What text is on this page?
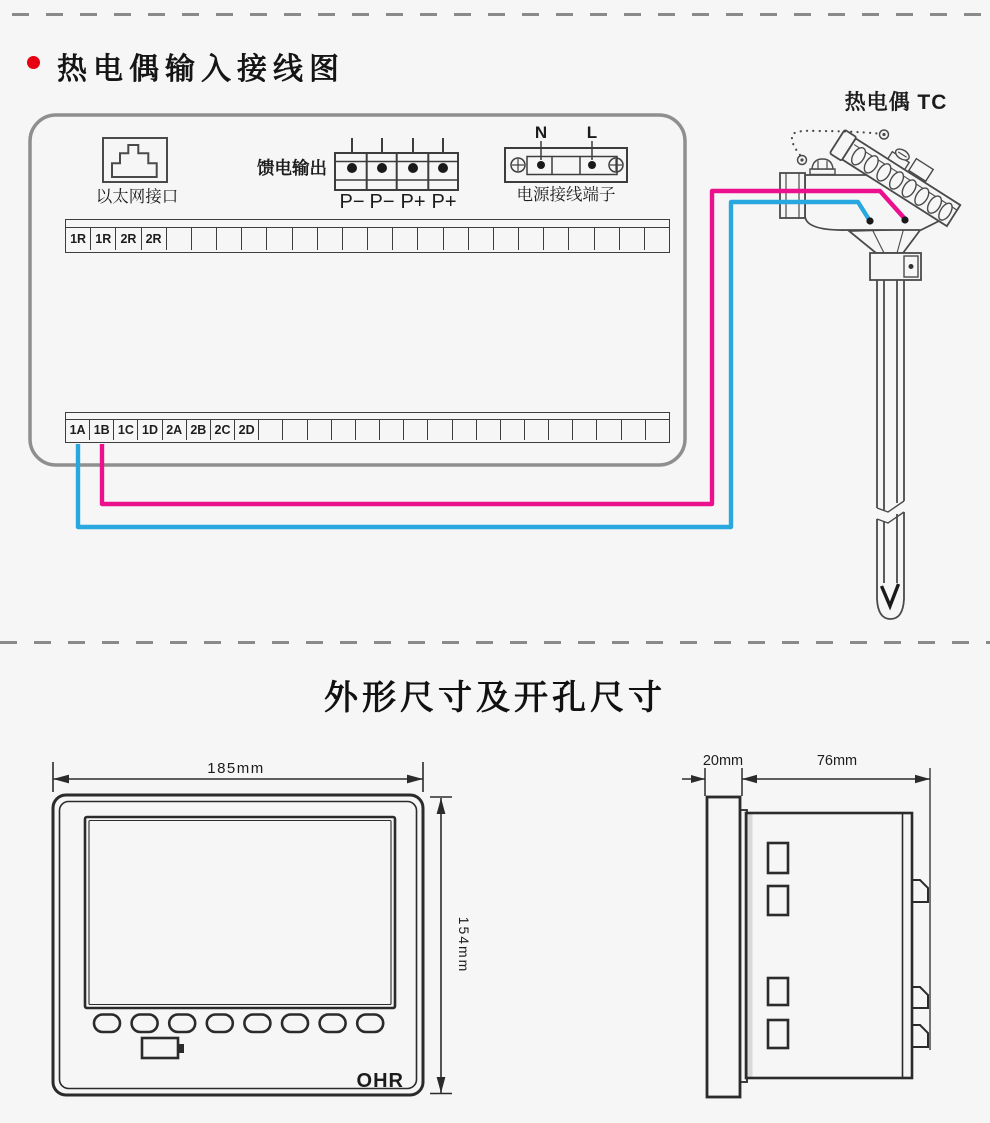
热电偶输入接线图
以太网接口
馈电输出
P− P− P+ P+
N L
电源接线端子
热电偶 TC
OHR
185mm
154mm
20mm	76mm
1R 1R 2R 2R
1A 1B 1C 1D 2A 2B 2C 2D
外形尺寸及开孔尺寸
